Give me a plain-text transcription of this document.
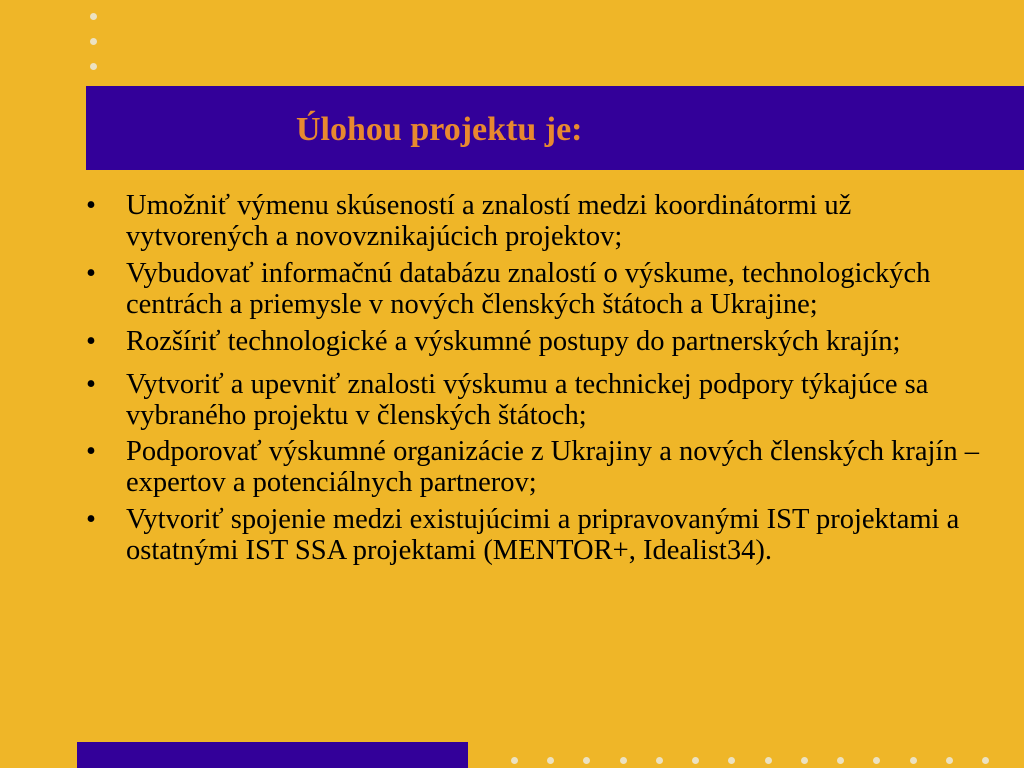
Úlohou projektu je:
• Umožniť výmenu skúseností a znalostí medzi koordinátormi už vytvorených a novovznikajúcich projektov;
• Vybudovať informačnú databázu znalostí o výskume, technologických centrách a priemysle v nových členských štátoch a Ukrajine;
• Rozšíriť technologické a výskumné postupy do partnerských krajín;
• Vytvoriť a upevniť znalosti výskumu a technickej podpory týkajúce sa vybraného projektu v členských štátoch;
• Podporovať výskumné organizácie z Ukrajiny a nových členských krajín – expertov a potenciálnych partnerov;
• Vytvoriť spojenie medzi existujúcimi a pripravovanými IST projektami a ostatnými IST SSA projektami (MENTOR+, Idealist34).
